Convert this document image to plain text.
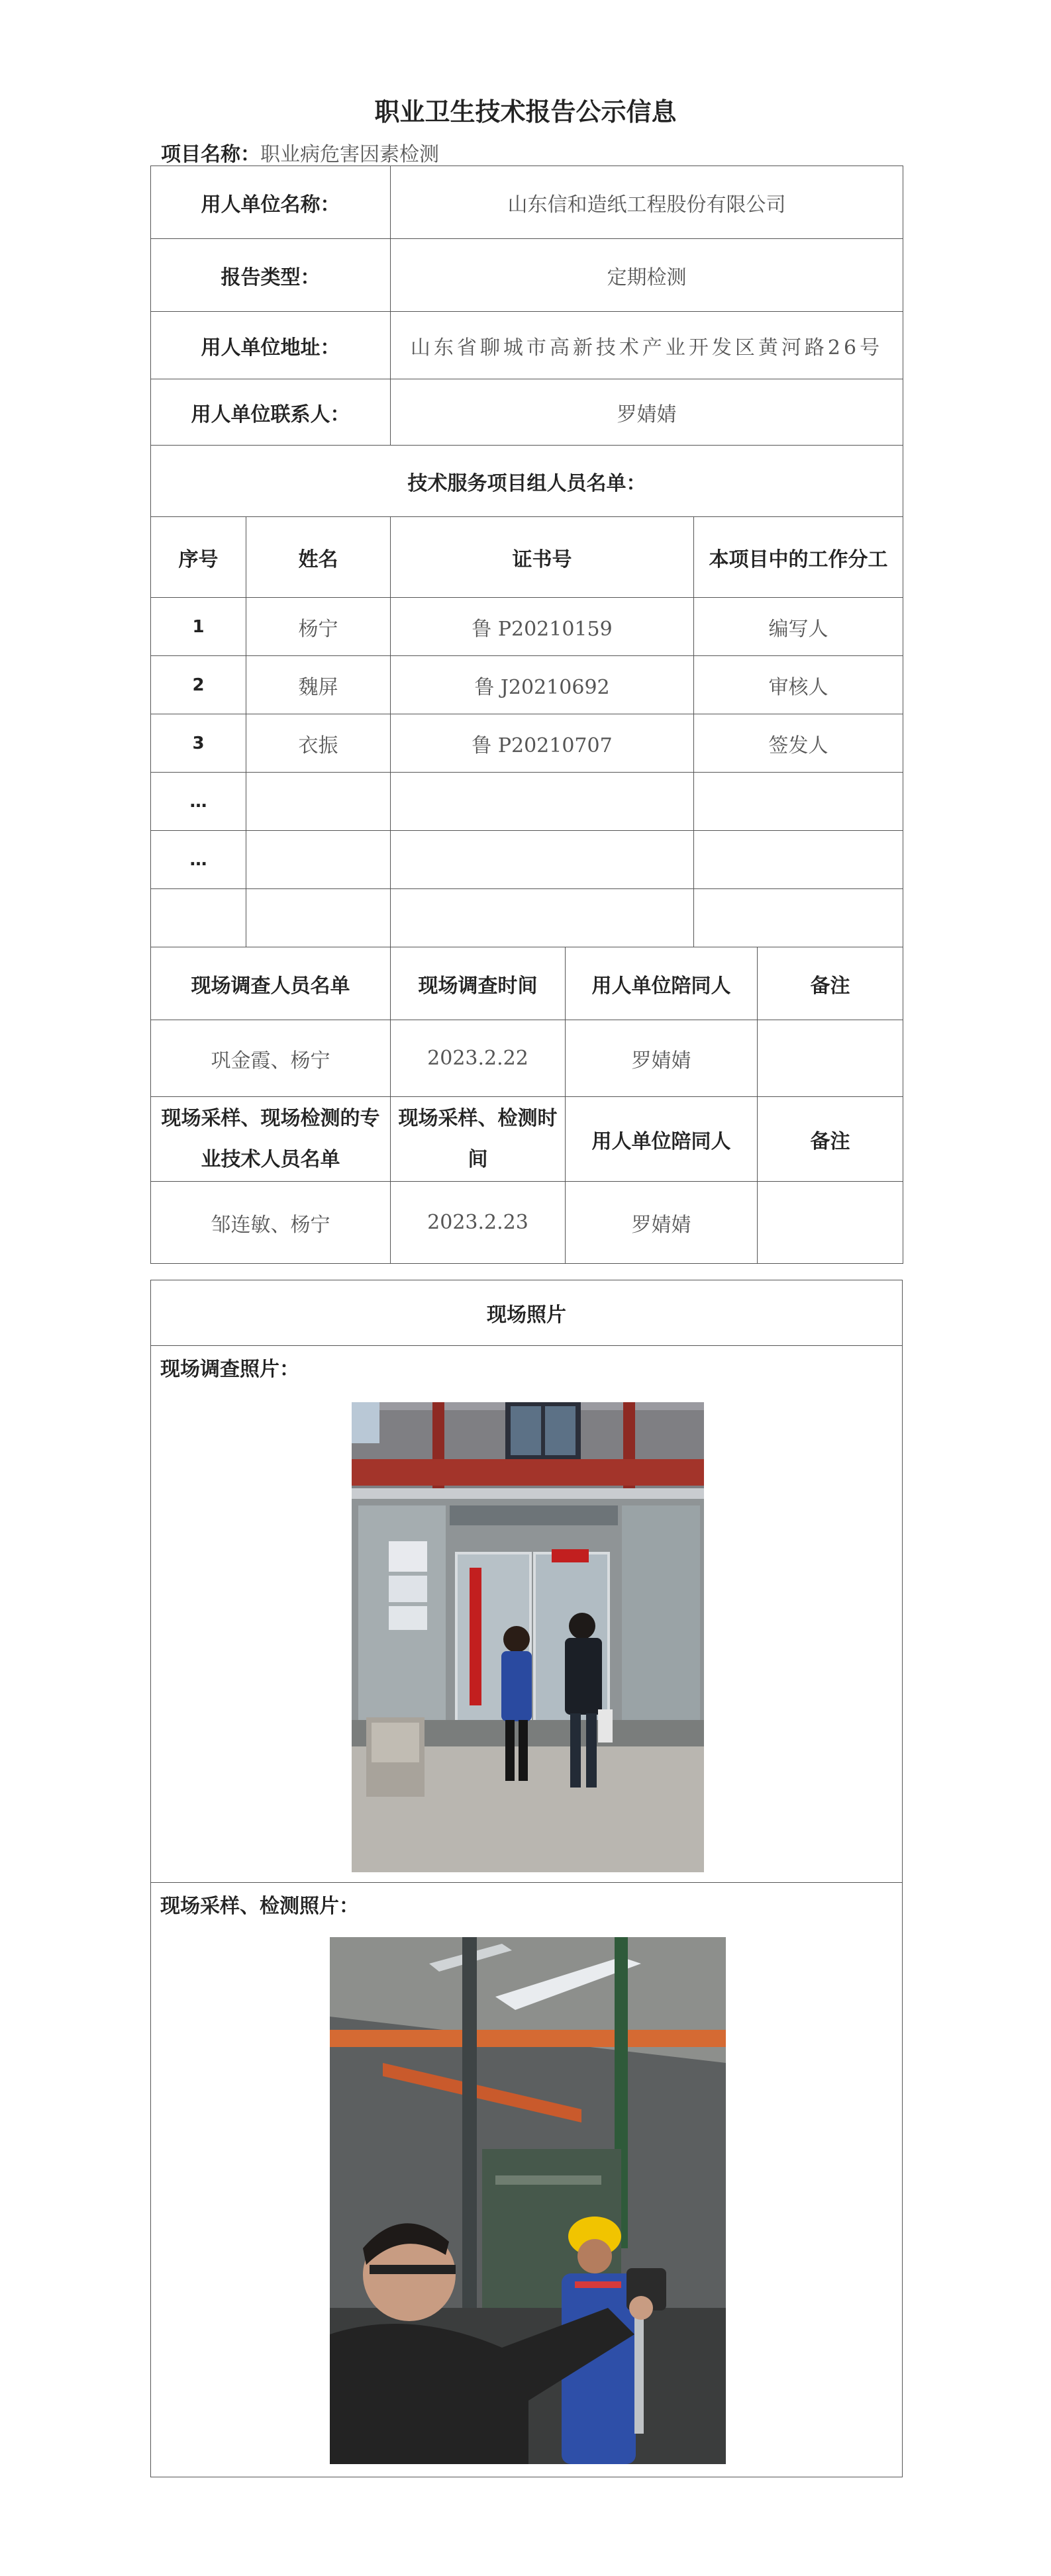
职业卫生技术报告公示信息
项目名称：职业病危害因素检测
用人单位名称：		山东信和造纸工程股份有限公司	
报告类型：		定期检测	
用人单位地址：		山东省聊城市高新技术产业开发区黄河路26号	
用人单位联系人：		罗婧婧	
技术服务项目组人员名单：			
序号	姓名	证书号	本项目中的工作分工
1	杨宁	鲁 P20210159	编写人
2	魏屏	鲁 J20210692	审核人
3	衣振	鲁 P20210707	签发人
…			
…			

现场调查人员名单	现场调查时间	用人单位陪同人	备注
巩金霞、杨宁	2023.2.22	罗婧婧	
现场采样、现场检测的专业技术人员名单	现场采样、检测时间	用人单位陪同人	备注
邹连敏、杨宁	2023.2.23	罗婧婧	
现场照片
现场调查照片：
现场采样、检测照片：
